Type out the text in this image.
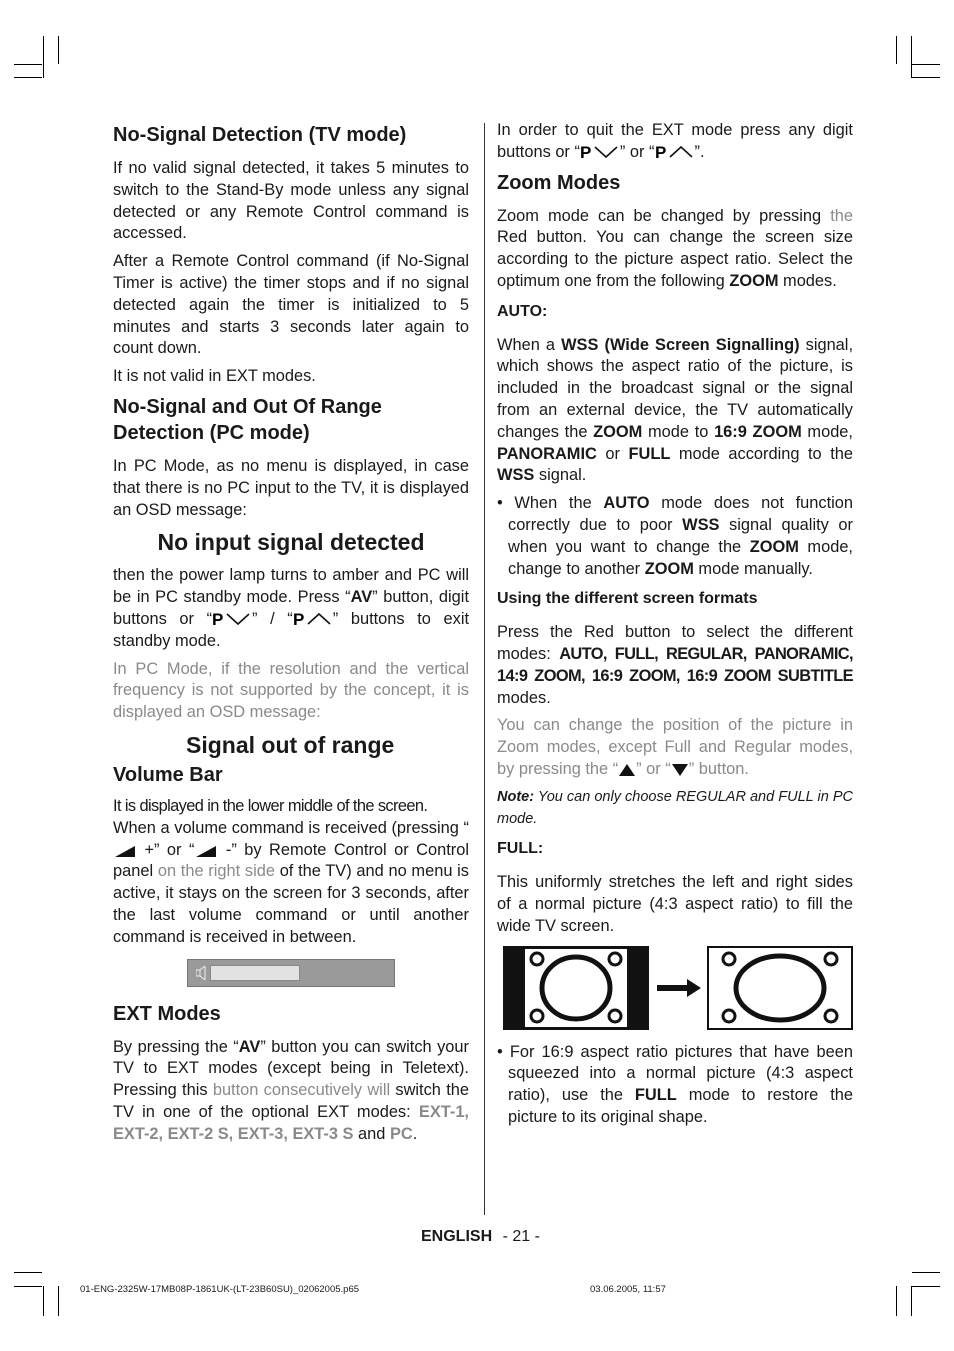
No-Signal Detection (TV mode)

If no valid signal detected, it takes 5 minutes to switch to the Stand-By mode unless any signal detected or any Remote Control command is accessed.

After a Remote Control command (if No-Signal Timer is active) the timer stops and if no signal detected again the timer is initialized to 5 minutes and starts 3 seconds later again to count down.

It is not valid in EXT modes.

No-Signal and Out Of Range
Detection (PC mode)

In PC Mode, as no menu is displayed, in case that there is no PC input to the TV, it is displayed an OSD message:

No input signal detected

then the power lamp turns to amber and PC will be in PC standby mode. Press “AV” button, digit buttons or “ P ” / “ P ” buttons to exit standby mode.

In PC Mode, if the resolution and the vertical frequency is not supported by the concept, it is displayed an OSD message:

Signal out of range
Volume Bar

It is displayed in the lower middle of the screen.

When a volume command is received (pressing “ +” or “ -” by Remote Control or Control panel on the right side of the TV) and no menu is active, it stays on the screen for 3 seconds, after the last volume command or until another command is received in between.

EXT Modes

By pressing the “AV” button you can switch your TV to EXT modes (except being in Teletext). Pressing this button consecutively will switch the TV in one of the optional EXT modes: EXT-1, EXT-2, EXT-2 S, EXT-3, EXT-3 S and PC.

In order to quit the EXT mode press any digit buttons or “ P ” or “ P ”.

Zoom Modes

Zoom mode can be changed by pressing the Red button. You can change the screen size according to the picture aspect ratio. Select the optimum one from the following ZOOM modes.

AUTO:

When a WSS (Wide Screen Signalling) signal, which shows the aspect ratio of the picture, is included in the broadcast signal or the signal from an external device, the TV automatically changes the ZOOM mode to 16:9 ZOOM mode, PANORAMIC or FULL mode according to the WSS signal.

• When the AUTO mode does not function correctly due to poor WSS signal quality or when you want to change the ZOOM mode, change to another ZOOM mode manually.

Using the different screen formats

Press the Red button to select the different modes: AUTO, FULL, REGULAR, PANORAMIC, 14:9 ZOOM, 16:9 ZOOM, 16:9 ZOOM SUBTITLE modes.

You can change the position of the picture in Zoom modes, except Full and Regular modes, by pressing the “ ” or “ ” button.

Note: You can only choose REGULAR and FULL in PC mode.

FULL:

This uniformly stretches the left and right sides of a normal picture (4:3 aspect ratio) to fill the wide TV screen.

• For 16:9 aspect ratio pictures that have been squeezed into a normal picture (4:3 aspect ratio), use the FULL mode to restore the picture to its original shape.

ENGLISH - 21 -
01-ENG-2325W-17MB08P-1861UK-(LT-23B60SU)_02062005.p65	03.06.2005, 11:57
